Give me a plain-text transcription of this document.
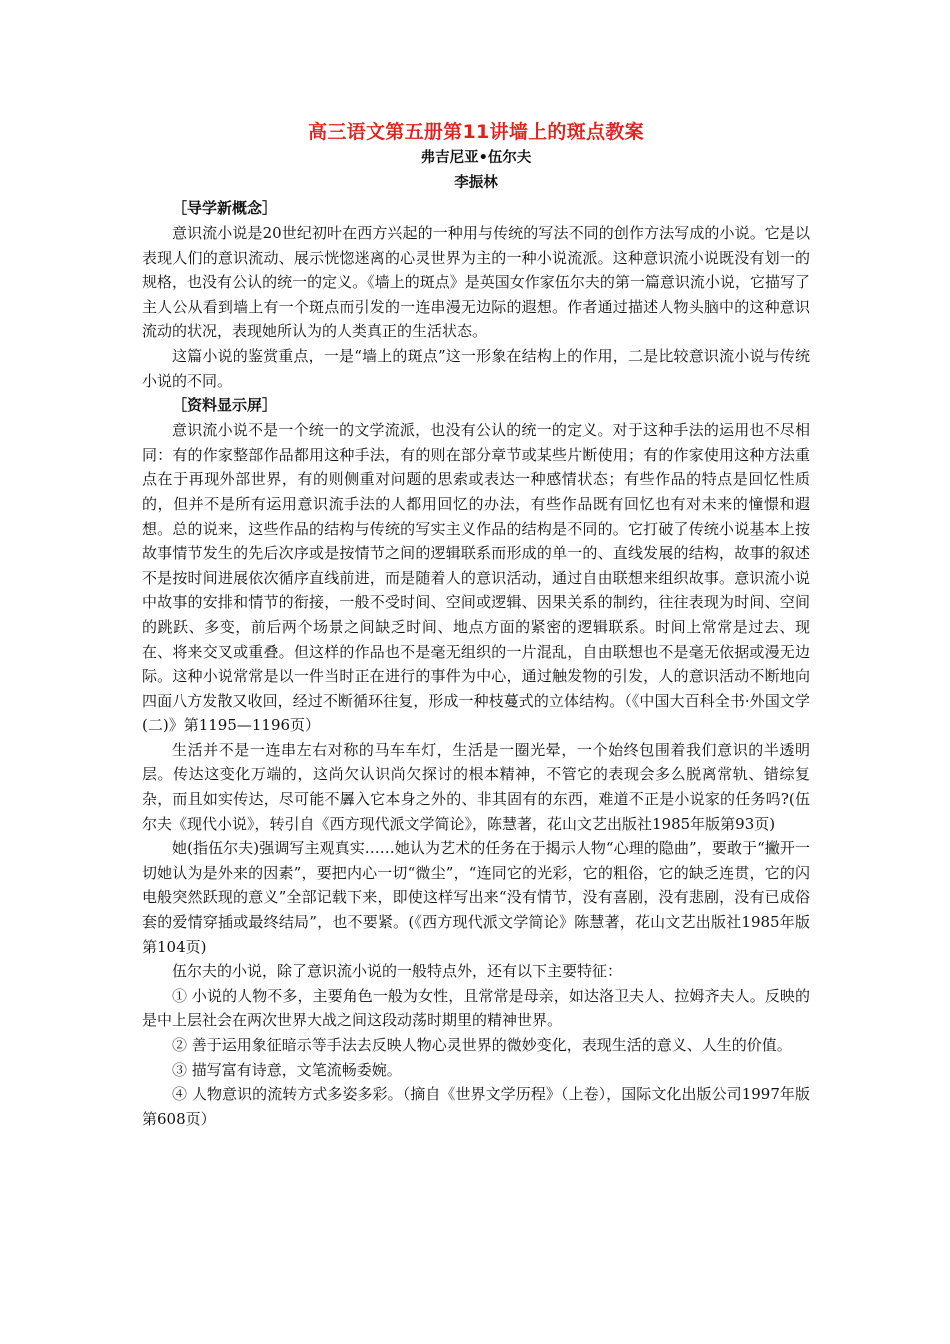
高三语文第五册第11讲墙上的斑点教案
弗吉尼亚•伍尔夫
李振林
［导学新概念］

意识流小说是20世纪初叶在西方兴起的一种用与传统的写法不同的创作方法写成的小说。它是以表现人们的意识流动、展示恍惚迷离的心灵世界为主的一种小说流派。这种意识流小说既没有划一的规格，也没有公认的统一的定义。《墙上的斑点》是英国女作家伍尔夫的第一篇意识流小说，它描写了主人公从看到墙上有一个斑点而引发的一连串漫无边际的遐想。作者通过描述人物头脑中的这种意识流动的状况，表现她所认为的人类真正的生活状态。

这篇小说的鉴赏重点，一是“墙上的斑点”这一形象在结构上的作用，二是比较意识流小说与传统小说的不同。

［资料显示屏］

意识流小说不是一个统一的文学流派，也没有公认的统一的定义。对于这种手法的运用也不尽相同：有的作家整部作品都用这种手法，有的则在部分章节或某些片断使用；有的作家使用这种方法重点在于再现外部世界，有的则侧重对问题的思索或表达一种感情状态；有些作品的特点是回忆性质的，但并不是所有运用意识流手法的人都用回忆的办法，有些作品既有回忆也有对未来的憧憬和遐想。总的说来，这些作品的结构与传统的写实主义作品的结构是不同的。它打破了传统小说基本上按故事情节发生的先后次序或是按情节之间的逻辑联系而形成的单一的、直线发展的结构，故事的叙述不是按时间进展依次循序直线前进，而是随着人的意识活动，通过自由联想来组织故事。意识流小说中故事的安排和情节的衔接，一般不受时间、空间或逻辑、因果关系的制约，往往表现为时间、空间的跳跃、多变，前后两个场景之间缺乏时间、地点方面的紧密的逻辑联系。时间上常常是过去、现在、将来交叉或重叠。但这样的作品也不是毫无组织的一片混乱，自由联想也不是毫无依据或漫无边际。这种小说常常是以一件当时正在进行的事件为中心，通过触发物的引发，人的意识活动不断地向四面八方发散又收回，经过不断循环往复，形成一种枝蔓式的立体结构。（《中国大百科全书·外国文学(二)》第1195—1196页）

生活并不是一连串左右对称的马车车灯，生活是一圈光晕，一个始终包围着我们意识的半透明层。传达这变化万端的，这尚欠认识尚欠探讨的根本精神，不管它的表现会多么脱离常轨、错综复杂，而且如实传达，尽可能不羼入它本身之外的、非其固有的东西，难道不正是小说家的任务吗?(伍尔夫《现代小说》，转引自《西方现代派文学简论》，陈慧著，花山文艺出版社1985年版第93页)

她(指伍尔夫)强调写主观真实……她认为艺术的任务在于揭示人物“心理的隐曲”，要敢于“撇开一切她认为是外来的因素”，要把内心一切“微尘”，“连同它的光彩，它的粗俗，它的缺乏连贯，它的闪电般突然跃现的意义”全部记载下来，即使这样写出来“没有情节，没有喜剧，没有悲剧，没有已成俗套的爱情穿插或最终结局”，也不要紧。(《西方现代派文学简论》陈慧著，花山文艺出版社1985年版第104页)

伍尔夫的小说，除了意识流小说的一般特点外，还有以下主要特征：

① 小说的人物不多，主要角色一般为女性，且常常是母亲，如达洛卫夫人、拉姆齐夫人。反映的是中上层社会在两次世界大战之间这段动荡时期里的精神世界。

② 善于运用象征暗示等手法去反映人物心灵世界的微妙变化，表现生活的意义、人生的价值。

③ 描写富有诗意，文笔流畅委婉。

④ 人物意识的流转方式多姿多彩。（摘自《世界文学历程》（上卷），国际文化出版公司1997年版第608页）
